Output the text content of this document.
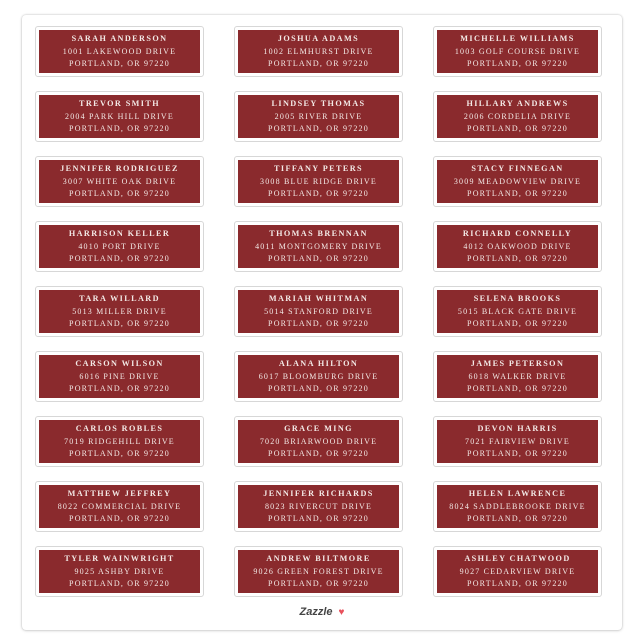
SARAH ANDERSON
1001 LAKEWOOD DRIVE
PORTLAND, OR 97220
JOSHUA ADAMS
1002 ELMHURST DRIVE
PORTLAND, OR 97220
MICHELLE WILLIAMS
1003 GOLF COURSE DRIVE
PORTLAND, OR 97220
TREVOR SMITH
2004 PARK HILL DRIVE
PORTLAND, OR 97220
LINDSEY THOMAS
2005 RIVER DRIVE
PORTLAND, OR 97220
HILLARY ANDREWS
2006 CORDELIA DRIVE
PORTLAND, OR 97220
JENNIFER RODRIGUEZ
3007 WHITE OAK DRIVE
PORTLAND, OR 97220
TIFFANY PETERS
3008 BLUE RIDGE DRIVE
PORTLAND, OR 97220
STACY FINNEGAN
3009 MEADOWVIEW DRIVE
PORTLAND, OR 97220
HARRISON KELLER
4010 PORT DRIVE
PORTLAND, OR 97220
THOMAS BRENNAN
4011 MONTGOMERY DRIVE
PORTLAND, OR 97220
RICHARD CONNELLY
4012 OAKWOOD DRIVE
PORTLAND, OR 97220
TARA WILLARD
5013 MILLER DRIVE
PORTLAND, OR 97220
MARIAH WHITMAN
5014 STANFORD DRIVE
PORTLAND, OR 97220
SELENA BROOKS
5015 BLACK GATE DRIVE
PORTLAND, OR 97220
CARSON WILSON
6016 PINE DRIVE
PORTLAND, OR 97220
ALANA HILTON
6017 BLOOMBURG DRIVE
PORTLAND, OR 97220
JAMES PETERSON
6018 WALKER DRIVE
PORTLAND, OR 97220
CARLOS ROBLES
7019 RIDGEHILL DRIVE
PORTLAND, OR 97220
GRACE MING
7020 BRIARWOOD DRIVE
PORTLAND, OR 97220
DEVON HARRIS
7021 FAIRVIEW DRIVE
PORTLAND, OR 97220
MATTHEW JEFFREY
8022 COMMERCIAL DRIVE
PORTLAND, OR 97220
JENNIFER RICHARDS
8023 RIVERCUT DRIVE
PORTLAND, OR 97220
HELEN LAWRENCE
8024 SADDLEBROOKE DRIVE
PORTLAND, OR 97220
TYLER WAINWRIGHT
9025 ASHBY DRIVE
PORTLAND, OR 97220
ANDREW BILTMORE
9026 GREEN FOREST DRIVE
PORTLAND, OR 97220
ASHLEY CHATWOOD
9027 CEDARVIEW DRIVE
PORTLAND, OR 97220
Zazzle ♥
